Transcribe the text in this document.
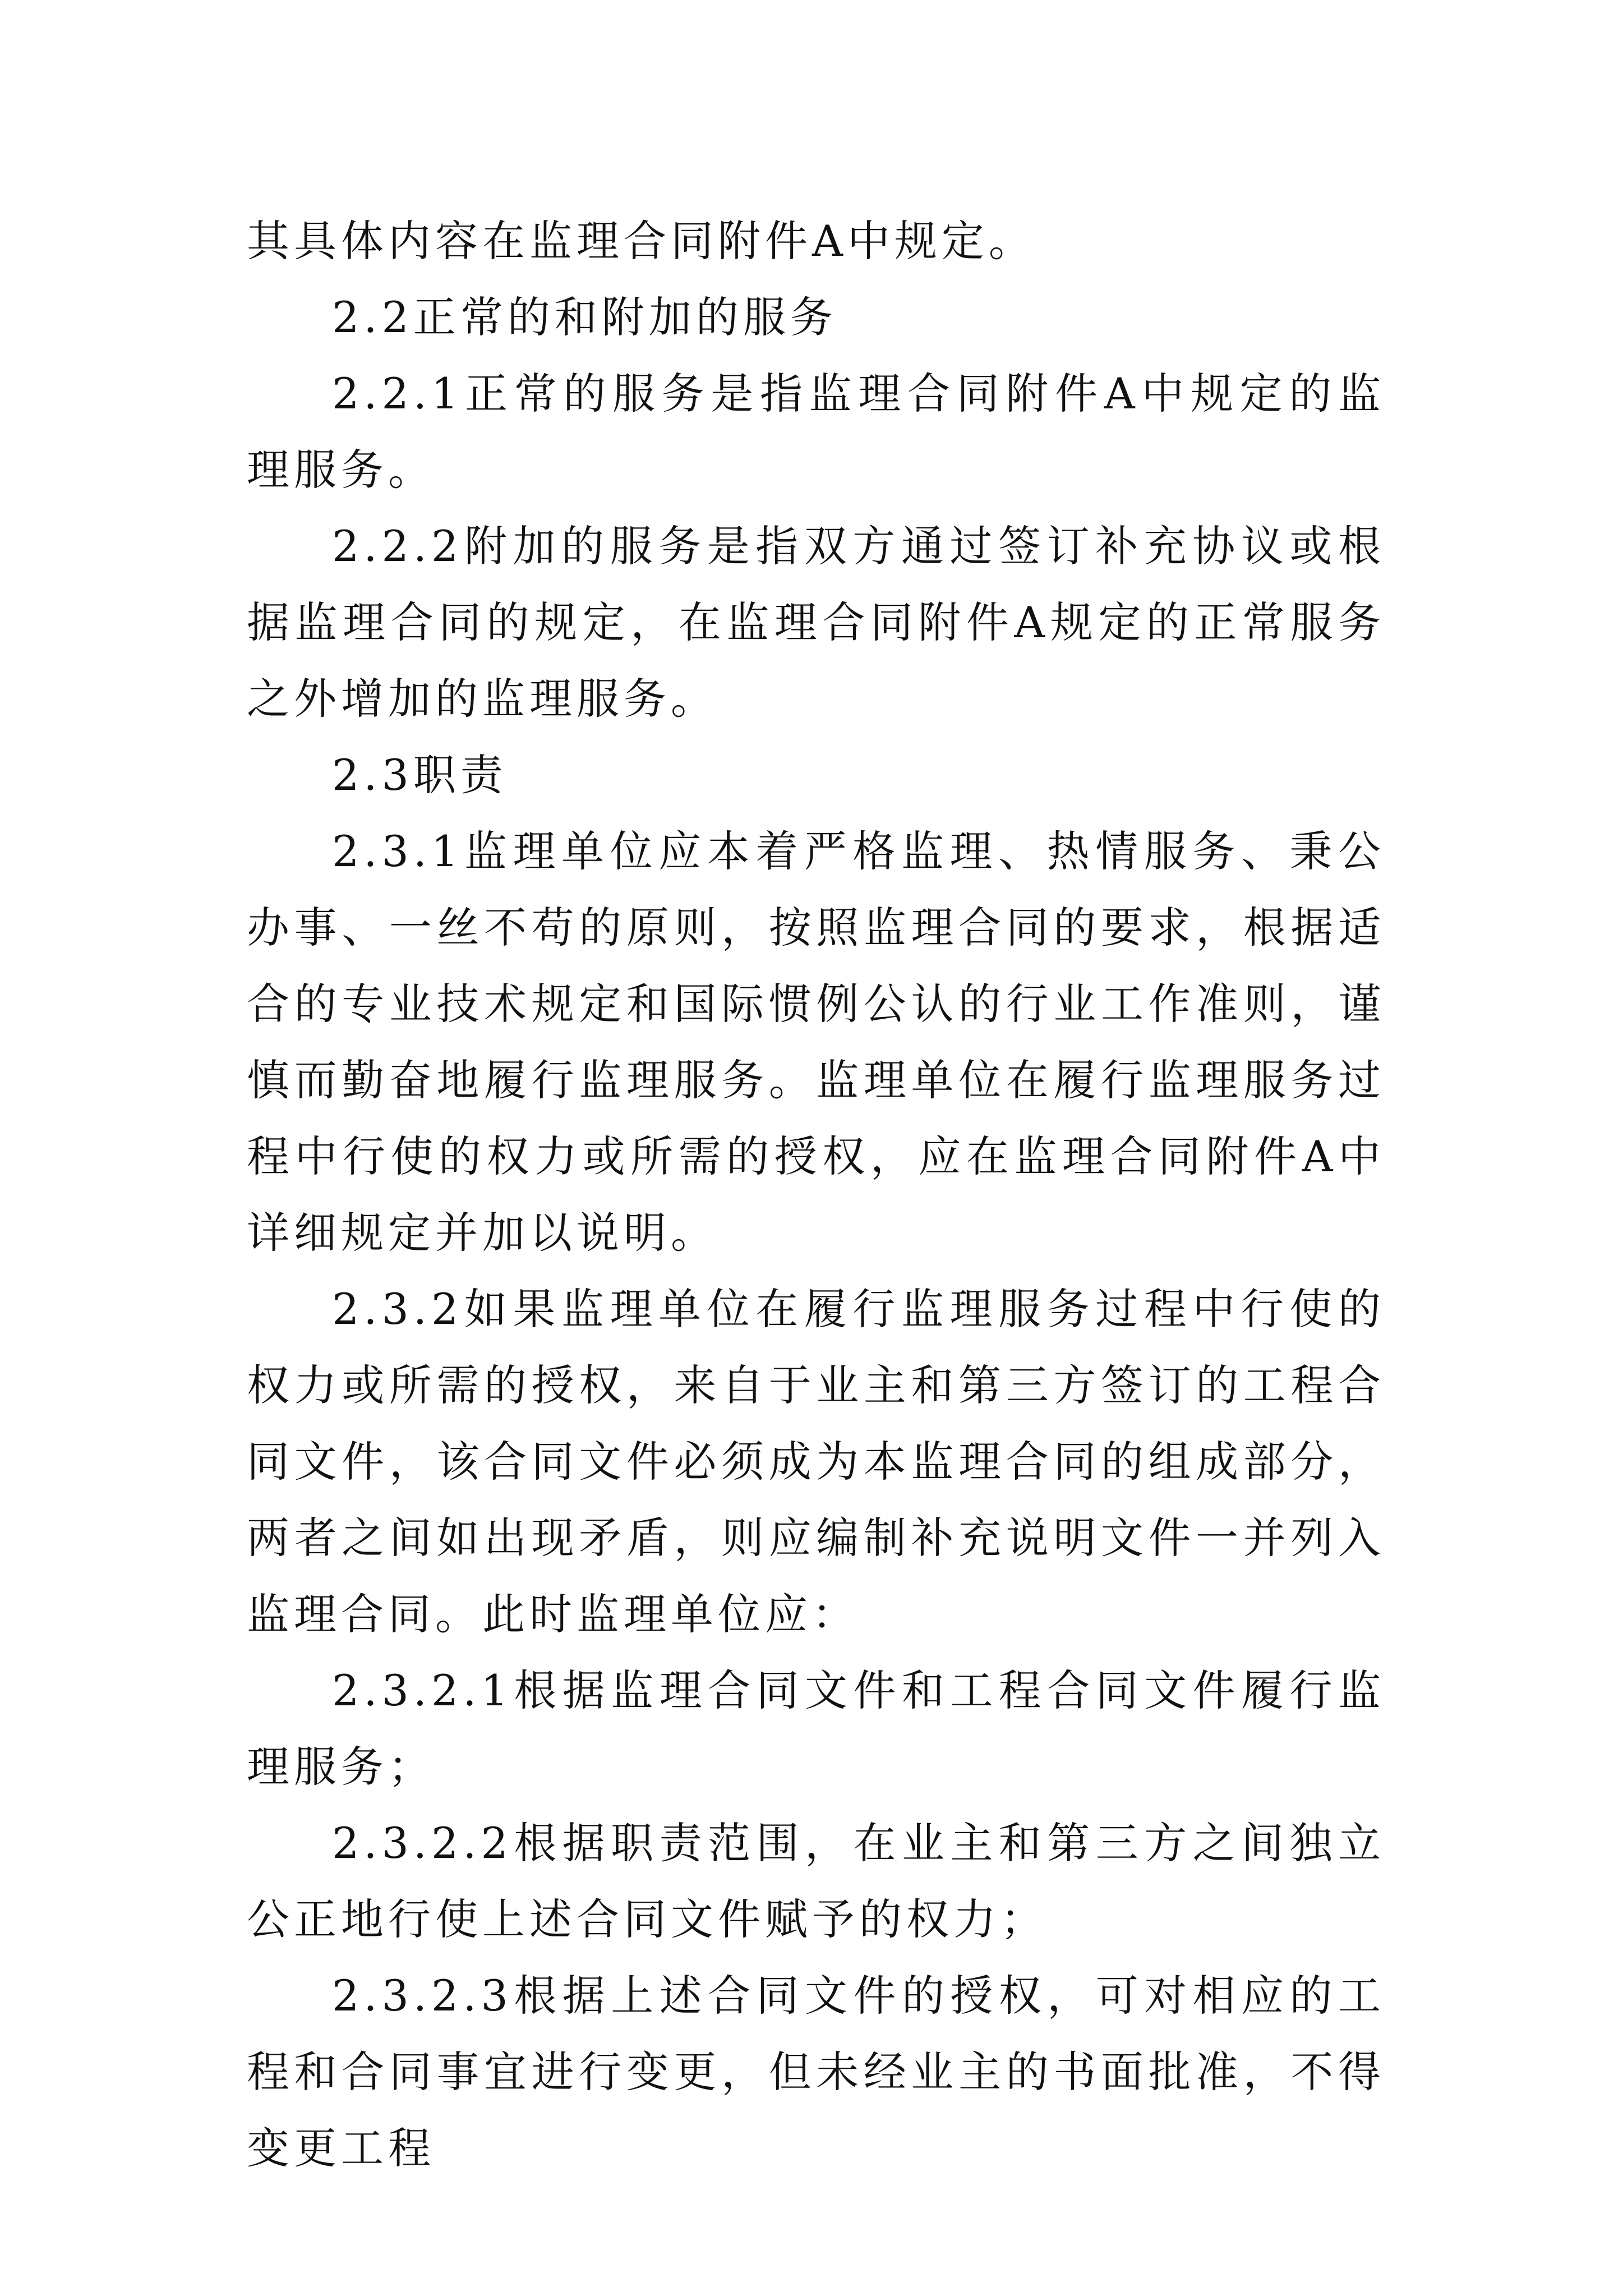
其具体内容在监理合同附件A中规定。

2.2正常的和附加的服务

2.2.1正常的服务是指监理合同附件A中规定的监理服务。

2.2.2附加的服务是指双方通过签订补充协议或根据监理合同的规定，在监理合同附件A规定的正常服务之外增加的监理服务。

2.3职责

2.3.1监理单位应本着严格监理、热情服务、秉公办事、一丝不苟的原则，按照监理合同的要求，根据适合的专业技术规定和国际惯例公认的行业工作准则，谨慎而勤奋地履行监理服务。监理单位在履行监理服务过程中行使的权力或所需的授权，应在监理合同附件A中详细规定并加以说明。

2.3.2如果监理单位在履行监理服务过程中行使的权力或所需的授权，来自于业主和第三方签订的工程合同文件，该合同文件必须成为本监理合同的组成部分，两者之间如出现矛盾，则应编制补充说明文件一并列入监理合同。此时监理单位应：

2.3.2.1根据监理合同文件和工程合同文件履行监理服务；

2.3.2.2根据职责范围，在业主和第三方之间独立公正地行使上述合同文件赋予的权力；

2.3.2.3根据上述合同文件的授权，可对相应的工程和合同事宜进行变更，但未经业主的书面批准，不得变更工程
